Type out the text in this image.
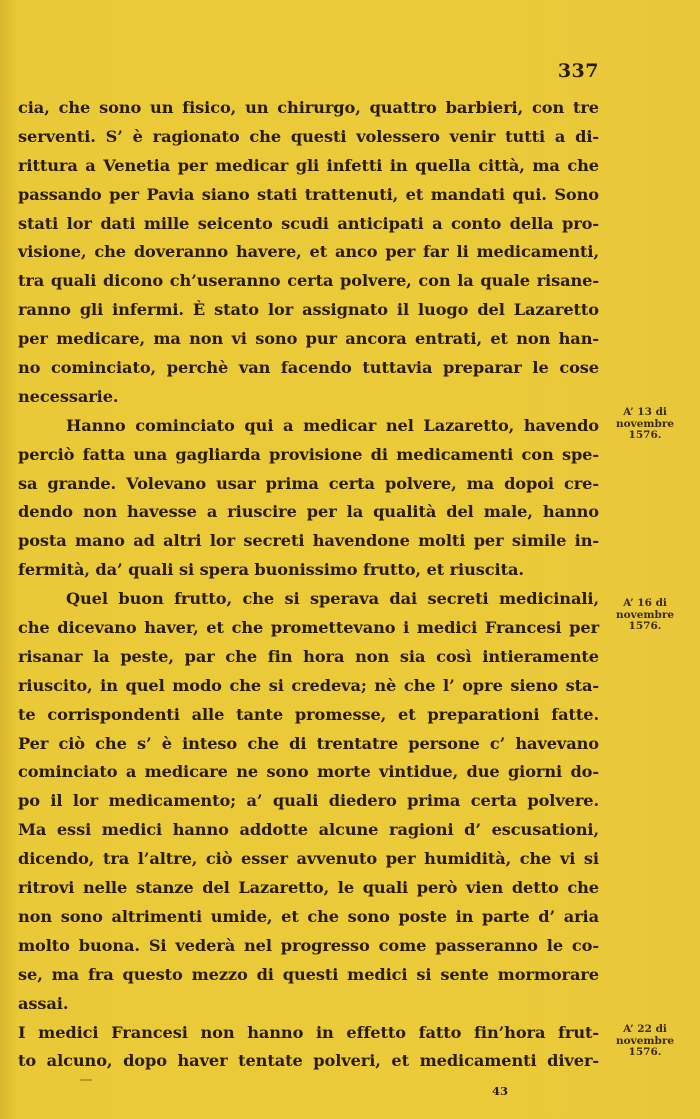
337
cia, che sono un fisico, un chirurgo, quattro barbieri, con tre
serventi. S’ è ragionato che questi volessero venir tutti a di-
rittura a Venetia per medicar gli infetti in quella città, ma che
passando per Pavia siano stati trattenuti, et mandati qui. Sono
stati lor dati mille seicento scudi anticipati a conto della pro-
visione, che doveranno havere, et anco per far li medicamenti,
tra quali dicono ch’useranno certa polvere, con la quale risane-
ranno gli infermi. È stato lor assignato il luogo del Lazaretto
per medicare, ma non vi sono pur ancora entrati, et non han-
no cominciato, perchè van facendo tuttavia preparar le cose
necessarie.
Hanno cominciato qui a medicar nel Lazaretto, havendo
perciò fatta una gagliarda provisione di medicamenti con spe-
sa grande. Volevano usar prima certa polvere, ma dopoi cre-
dendo non havesse a riuscire per la qualità del male, hanno
posta mano ad altri lor secreti havendone molti per simile in-
fermità, da’ quali si spera buonissimo frutto, et riuscita.
Quel buon frutto, che si sperava dai secreti medicinali,
che dicevano haver, et che promettevano i medici Francesi per
risanar la peste, par che fin hora non sia così intieramente
riuscito, in quel modo che si credeva; nè che l’ opre sieno sta-
te corrispondenti alle tante promesse, et preparationi fatte.
Per ciò che s’ è inteso che di trentatre persone c’ havevano
cominciato a medicare ne sono morte vintidue, due giorni do-
po il lor medicamento; a’ quali diedero prima certa polvere.
Ma essi medici hanno addotte alcune ragioni d’ escusationi,
dicendo, tra l’altre, ciò esser avvenuto per humidità, che vi si
ritrovi nelle stanze del Lazaretto, le quali però vien detto che
non sono altrimenti umide, et che sono poste in parte d’ aria
molto buona. Si vederà nel progresso come passeranno le co-
se, ma fra questo mezzo di questi medici si sente mormorare
assai.
I medici Francesi non hanno in effetto fatto fin’hora frut-
to alcuno, dopo haver tentate polveri, et medicamenti diver-
A’ 13 di
novembre
1576.
A’ 16 di
novembre
1576.
A’ 22 di
novembre
1576.
43
